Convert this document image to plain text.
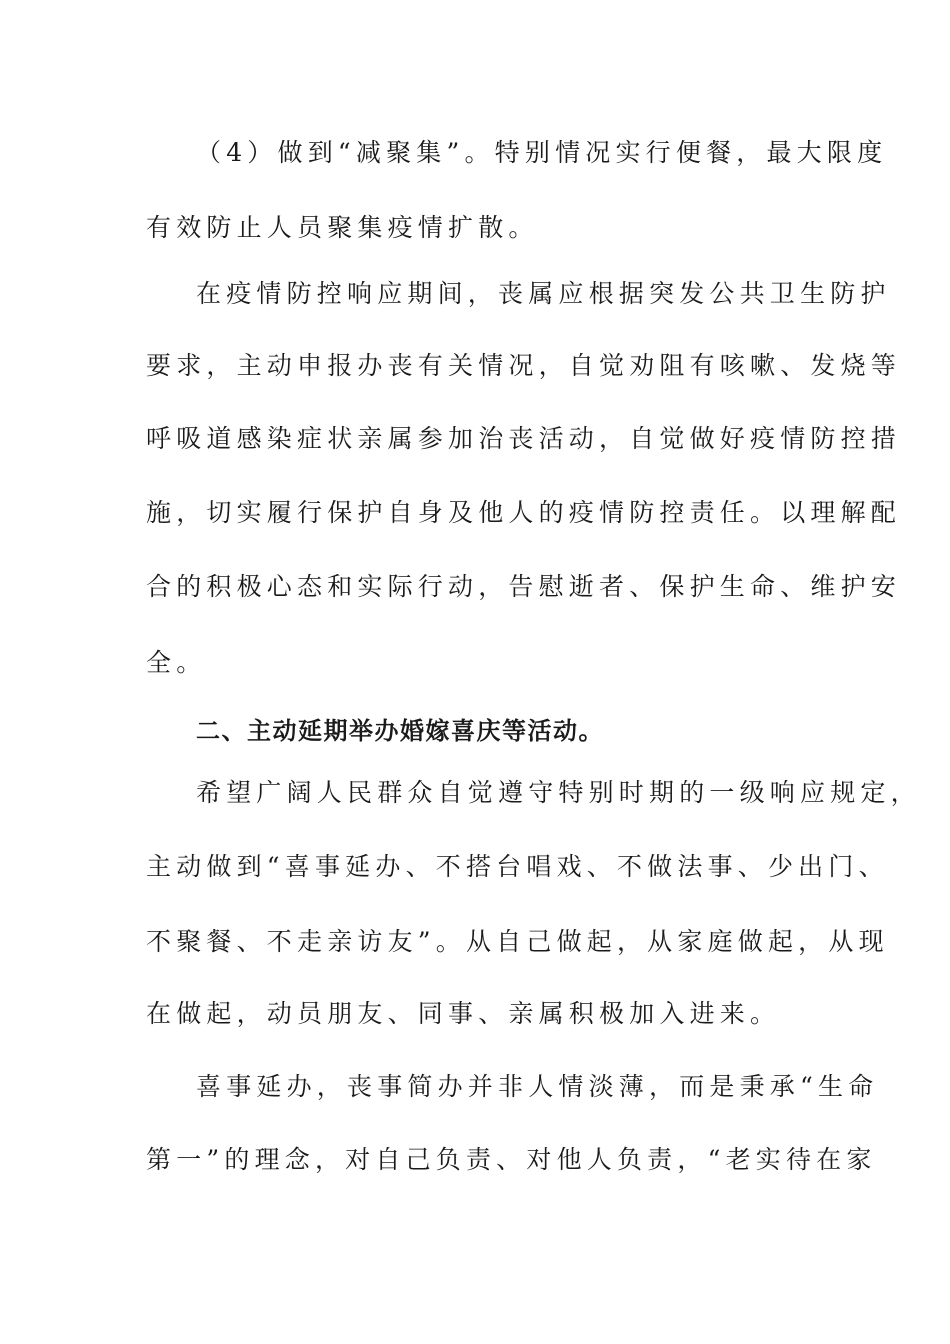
（4）做到“减聚集”。特别情况实行便餐，最大限度
有效防止人员聚集疫情扩散。
在疫情防控响应期间，丧属应根据突发公共卫生防护
要求，主动申报办丧有关情况，自觉劝阻有咳嗽、发烧等
呼吸道感染症状亲属参加治丧活动，自觉做好疫情防控措
施，切实履行保护自身及他人的疫情防控责任。以理解配
合的积极心态和实际行动，告慰逝者、保护生命、维护安
全。
二、主动延期举办婚嫁喜庆等活动。
希望广阔人民群众自觉遵守特别时期的一级响应规定，
主动做到“喜事延办、不搭台唱戏、不做法事、少出门、
不聚餐、不走亲访友”。从自己做起，从家庭做起，从现
在做起，动员朋友、同事、亲属积极加入进来。
喜事延办，丧事简办并非人情淡薄，而是秉承“生命
第一”的理念，对自己负责、对他人负责，“老实待在家
